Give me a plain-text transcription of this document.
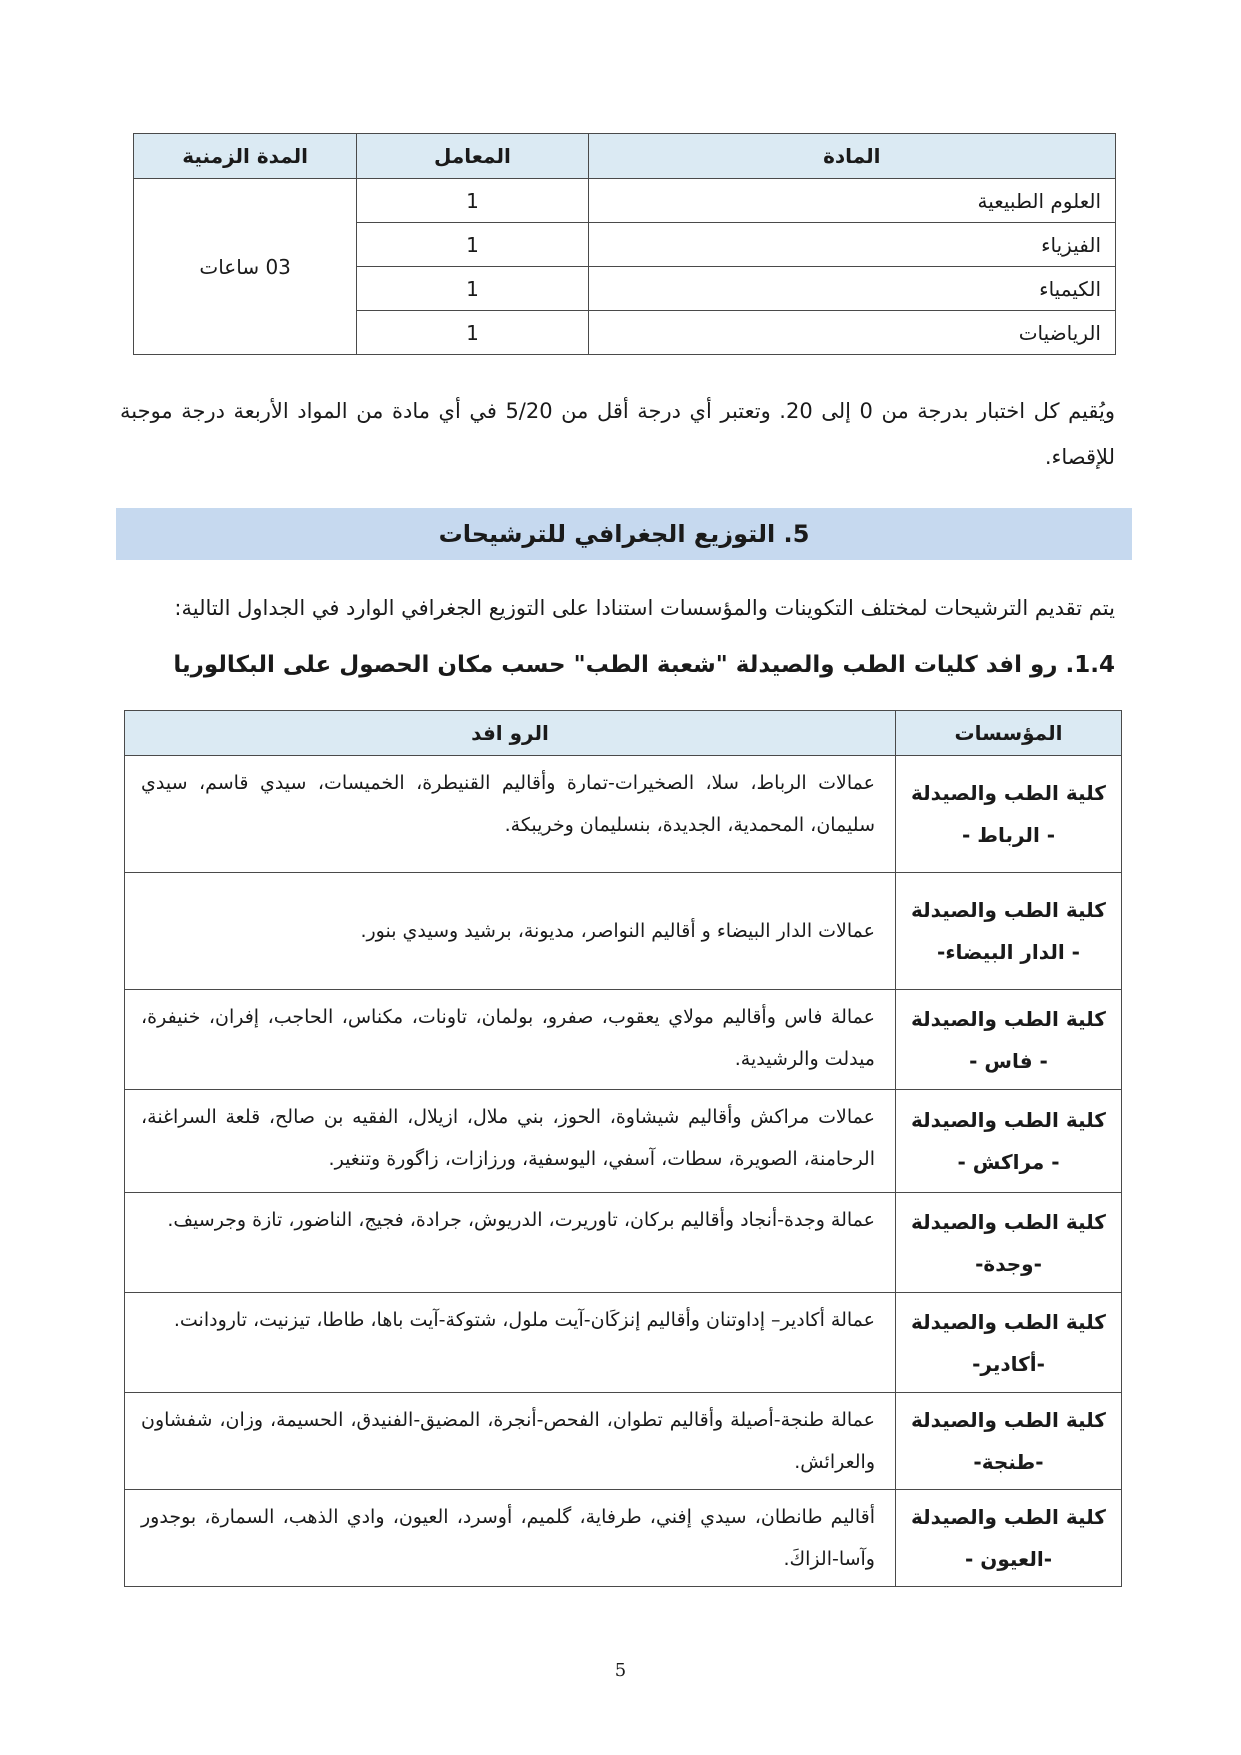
المادة	المعامل	المدة الزمنية
العلوم الطبيعية	1	03 ساعات
الفيزياء	1	
الكيمياء	1	
الرياضيات	1	

ويُقيم كل اختبار بدرجة من 0 إلى 20. وتعتبر أي درجة أقل من 5/20 في أي مادة من المواد الأربعة درجة موجبة للإقصاء.

5. التوزيع الجغرافي للترشيحات

يتم تقديم الترشيحات لمختلف التكوينات والمؤسسات استنادا على التوزيع الجغرافي الوارد في الجداول التالية:

1.4. رو افد كليات الطب والصيدلة "شعبة الطب" حسب مكان الحصول على البكالوريا
المؤسسات	الرو افد

كلية الطب والصيدلة
- الرباط -	عمالات الرباط، سلا، الصخيرات-تمارة وأقاليم القنيطرة، الخميسات، سيدي قاسم، سيدي سليمان، المحمدية، الجديدة، بنسليمان وخريبكة.

كلية الطب والصيدلة
- الدار البيضاء-	عمالات الدار البيضاء و أقاليم النواصر، مديونة، برشيد وسيدي بنور.

كلية الطب والصيدلة
- فاس -	عمالة فاس وأقاليم مولاي يعقوب، صفرو، بولمان، تاونات، مكناس، الحاجب، إفران، خنيفرة، ميدلت والرشيدية.

كلية الطب والصيدلة
- مراكش -	عمالات مراكش وأقاليم شيشاوة، الحوز، بني ملال، ازيلال، الفقيه بن صالح، قلعة السراغنة، الرحامنة، الصويرة، سطات، آسفي، اليوسفية، ورزازات، زاگورة وتنغير.

كلية الطب والصيدلة
-وجدة-	عمالة وجدة-أنجاد وأقاليم بركان، تاوريرت، الدريوش، جرادة، فجيج، الناضور، تازة وجرسيف.

كلية الطب والصيدلة
-أكادير-	عمالة أكادير– إداوتنان وأقاليم إنزكَان-آيت ملول، شتوكة-آيت باها، طاطا، تيزنيت، تارودانت.

كلية الطب والصيدلة
-طنجة-	عمالة طنجة-أصيلة وأقاليم تطوان، الفحص-أنجرة، المضيق-الفنيدق، الحسيمة، وزان، شفشاون والعرائش.

كلية الطب والصيدلة
-العيون -	أقاليم طانطان، سيدي إفني، طرفاية، گلميم، أوسرد، العيون، وادي الذهب، السمارة، بوجدور وآسا-الزاكَ.
5
